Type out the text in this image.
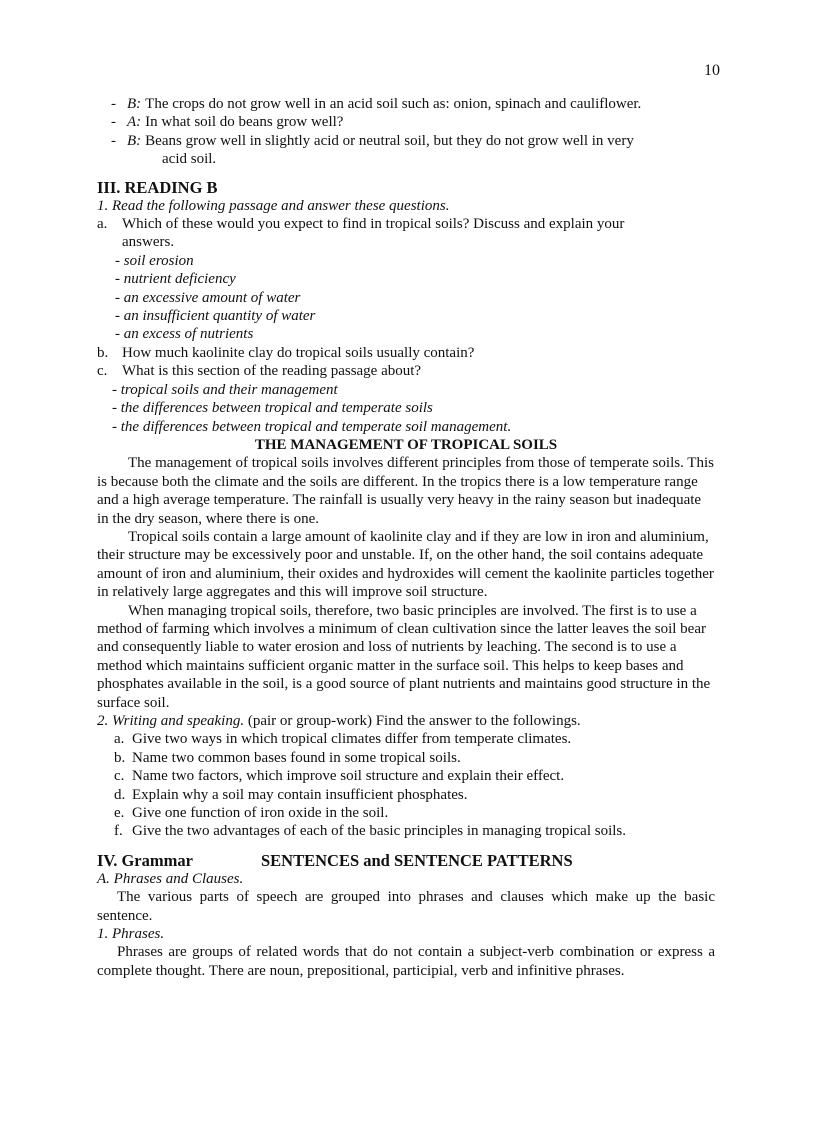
10
- B: The crops do not grow well in an acid soil such as: onion, spinach and cauliflower.
- A: In what soil do beans grow well?
- B: Beans grow well in slightly acid or neutral soil, but they do not grow well in very
acid soil.
III. READING B
1. Read the following passage and answer these questions.
a. Which of these would you expect to find in tropical soils? Discuss and explain your
answers.
- soil erosion
- nutrient deficiency
- an excessive amount of water
- an insufficient quantity of water
- an excess of nutrients
b. How much kaolinite clay do tropical soils usually contain?
c. What is this section of the reading passage about?
- tropical soils and their management
- the differences between tropical and temperate soils
- the differences between tropical and temperate soil management.
THE MANAGEMENT OF TROPICAL SOILS
The management of tropical soils involves different principles from those of temperate soils. This is because both the climate and the soils are different. In the tropics there is a low temperature range and a high average temperature. The rainfall is usually very heavy in the rainy season but inadequate in the dry season, where there is one.
Tropical soils contain a large amount of kaolinite clay and if they are low in iron and aluminium, their structure may be excessively poor and unstable. If, on the other hand, the soil contains adequate amount of iron and aluminium, their oxides and hydroxides will cement the kaolinite particles together in relatively large aggregates and this will improve soil structure.
When managing tropical soils, therefore, two basic principles are involved. The first is to use a method of farming which involves a minimum of clean cultivation since the latter leaves the soil bear and consequently liable to water erosion and loss of nutrients by leaching. The second is to use a method which maintains sufficient organic matter in the surface soil. This helps to keep bases and phosphates available in the soil, is a good source of plant nutrients and maintains good structure in the surface soil.
2. Writing and speaking. (pair or group-work) Find the answer to the followings.
a. Give two ways in which tropical climates differ from temperate climates.
b. Name two common bases found in some tropical soils.
c. Name two factors, which improve soil structure and explain their effect.
d. Explain why a soil may contain insufficient phosphates.
e. Give one function of iron oxide in the soil.
f. Give the two advantages of each of the basic principles in managing tropical soils.
IV. Grammar	SENTENCES and SENTENCE PATTERNS
A. Phrases and Clauses.
The various parts of speech are grouped into phrases and clauses which make up the basic sentence.
1. Phrases.
Phrases are groups of related words that do not contain a subject-verb combination or express a complete thought. There are noun, prepositional, participial, verb and infinitive phrases.
